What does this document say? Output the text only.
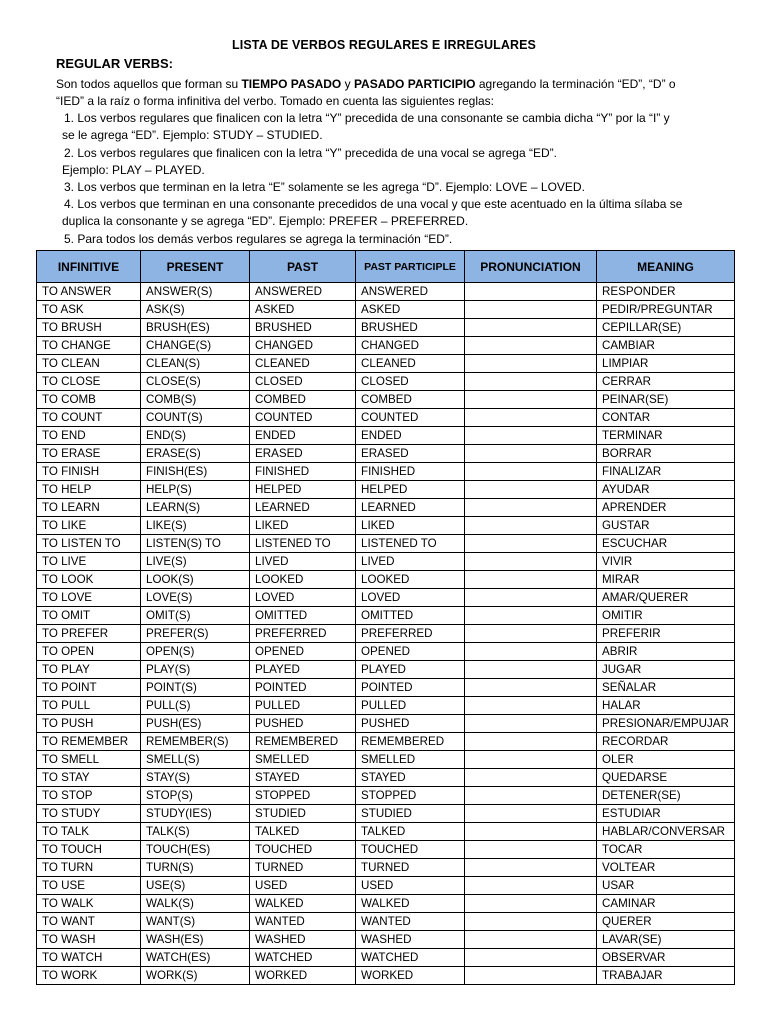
LISTA DE VERBOS REGULARES E IRREGULARES
REGULAR VERBS:
Son todos aquellos que forman su TIEMPO PASADO y PASADO PARTICIPIO agregando la terminación “ED”, “D” o
“IED” a la raíz o forma infinitiva del verbo. Tomado en cuenta las siguientes reglas:
1. Los verbos regulares que finalicen con la letra “Y” precedida de una consonante se cambia dicha “Y” por la “I” y
se le agrega “ED”. Ejemplo: STUDY – STUDIED.
2. Los verbos regulares que finalicen con la letra “Y” precedida de una vocal se agrega “ED”.
Ejemplo: PLAY – PLAYED.
3. Los verbos que terminan en la letra “E” solamente se les agrega “D”. Ejemplo: LOVE – LOVED.
4. Los verbos que terminan en una consonante precedidos de una vocal y que este acentuado en la última sílaba se
duplica la consonante y se agrega “ED”. Ejemplo: PREFER – PREFERRED.
5. Para todos los demás verbos regulares se agrega la terminación “ED”.
INFINITIVE	PRESENT	PAST	PAST PARTICIPLE	PRONUNCIATION	MEANING
TO ANSWER	ANSWER(S)	ANSWERED	ANSWERED		RESPONDER
TO ASK	ASK(S)	ASKED	ASKED		PEDIR/PREGUNTAR
TO BRUSH	BRUSH(ES)	BRUSHED	BRUSHED		CEPILLAR(SE)
TO CHANGE	CHANGE(S)	CHANGED	CHANGED		CAMBIAR
TO CLEAN	CLEAN(S)	CLEANED	CLEANED		LIMPIAR
TO CLOSE	CLOSE(S)	CLOSED	CLOSED		CERRAR
TO COMB	COMB(S)	COMBED	COMBED		PEINAR(SE)
TO COUNT	COUNT(S)	COUNTED	COUNTED		CONTAR
TO END	END(S)	ENDED	ENDED		TERMINAR
TO ERASE	ERASE(S)	ERASED	ERASED		BORRAR
TO FINISH	FINISH(ES)	FINISHED	FINISHED		FINALIZAR
TO HELP	HELP(S)	HELPED	HELPED		AYUDAR
TO LEARN	LEARN(S)	LEARNED	LEARNED		APRENDER
TO LIKE	LIKE(S)	LIKED	LIKED		GUSTAR
TO LISTEN TO	LISTEN(S) TO	LISTENED TO	LISTENED TO		ESCUCHAR
TO LIVE	LIVE(S)	LIVED	LIVED		VIVIR
TO LOOK	LOOK(S)	LOOKED	LOOKED		MIRAR
TO LOVE	LOVE(S)	LOVED	LOVED		AMAR/QUERER
TO OMIT	OMIT(S)	OMITTED	OMITTED		OMITIR
TO PREFER	PREFER(S)	PREFERRED	PREFERRED		PREFERIR
TO OPEN	OPEN(S)	OPENED	OPENED		ABRIR
TO PLAY	PLAY(S)	PLAYED	PLAYED		JUGAR
TO POINT	POINT(S)	POINTED	POINTED		SEÑALAR
TO PULL	PULL(S)	PULLED	PULLED		HALAR
TO PUSH	PUSH(ES)	PUSHED	PUSHED		PRESIONAR/EMPUJAR
TO REMEMBER	REMEMBER(S)	REMEMBERED	REMEMBERED		RECORDAR
TO SMELL	SMELL(S)	SMELLED	SMELLED		OLER
TO STAY	STAY(S)	STAYED	STAYED		QUEDARSE
TO STOP	STOP(S)	STOPPED	STOPPED		DETENER(SE)
TO STUDY	STUDY(IES)	STUDIED	STUDIED		ESTUDIAR
TO TALK	TALK(S)	TALKED	TALKED		HABLAR/CONVERSAR
TO TOUCH	TOUCH(ES)	TOUCHED	TOUCHED		TOCAR
TO TURN	TURN(S)	TURNED	TURNED		VOLTEAR
TO USE	USE(S)	USED	USED		USAR
TO WALK	WALK(S)	WALKED	WALKED		CAMINAR
TO WANT	WANT(S)	WANTED	WANTED		QUERER
TO WASH	WASH(ES)	WASHED	WASHED		LAVAR(SE)
TO WATCH	WATCH(ES)	WATCHED	WATCHED		OBSERVAR
TO WORK	WORK(S)	WORKED	WORKED		TRABAJAR
